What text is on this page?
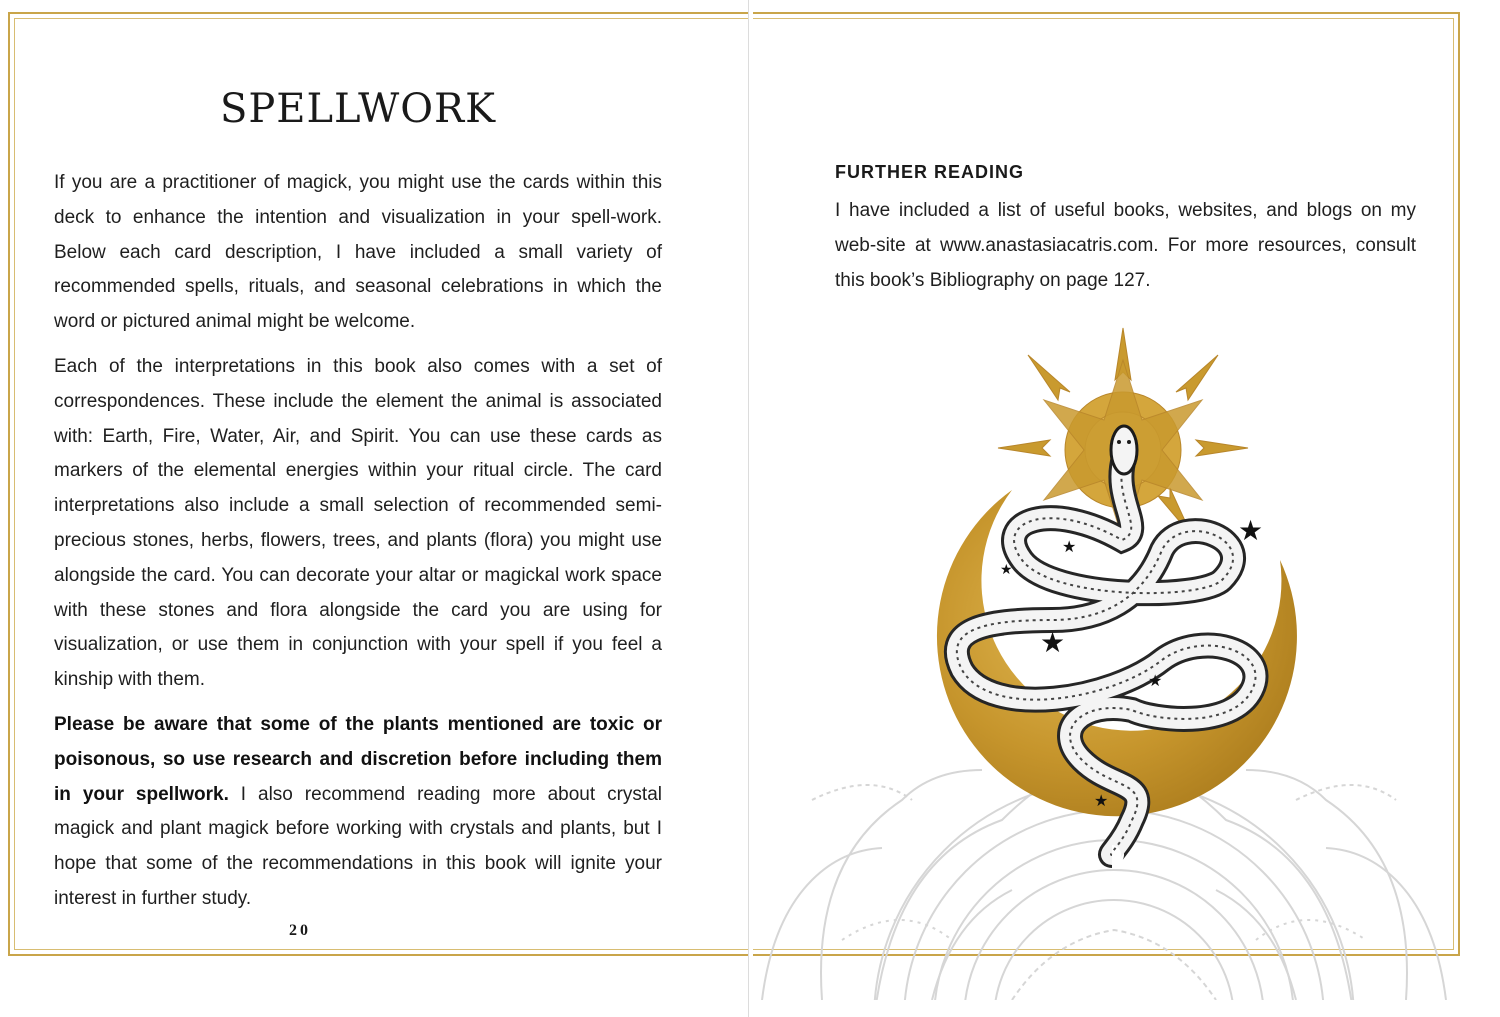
★
★
★
★
★
★
SPELLWORK

If you are a practitioner of magick, you might use the cards within this deck to enhance the intention and visualization in your spell-work. Below each card description, I have included a small variety of recommended spells, rituals, and seasonal celebrations in which the word or pictured animal might be welcome.

Each of the interpretations in this book also comes with a set of correspondences. These include the element the animal is associated with: Earth, Fire, Water, Air, and Spirit. You can use these cards as markers of the elemental energies within your ritual circle. The card interpretations also include a small selection of recommended semi-precious stones, herbs, flowers, trees, and plants (flora) you might use alongside the card. You can decorate your altar or magickal work space with these stones and flora alongside the card you are using for visualization, or use them in conjunction with your spell if you feel a kinship with them.

Please be aware that some of the plants mentioned are toxic or poisonous, so use research and discretion before including them in your spellwork. I also recommend reading more about crystal magick and plant magick before working with crystals and plants, but I hope that some of the recommendations in this book will ignite your interest in further study.

20
FURTHER READING

I have included a list of useful books, websites, and blogs on my web-site at www.anastasiacatris.com. For more resources, consult this book’s Bibliography on page 127.
